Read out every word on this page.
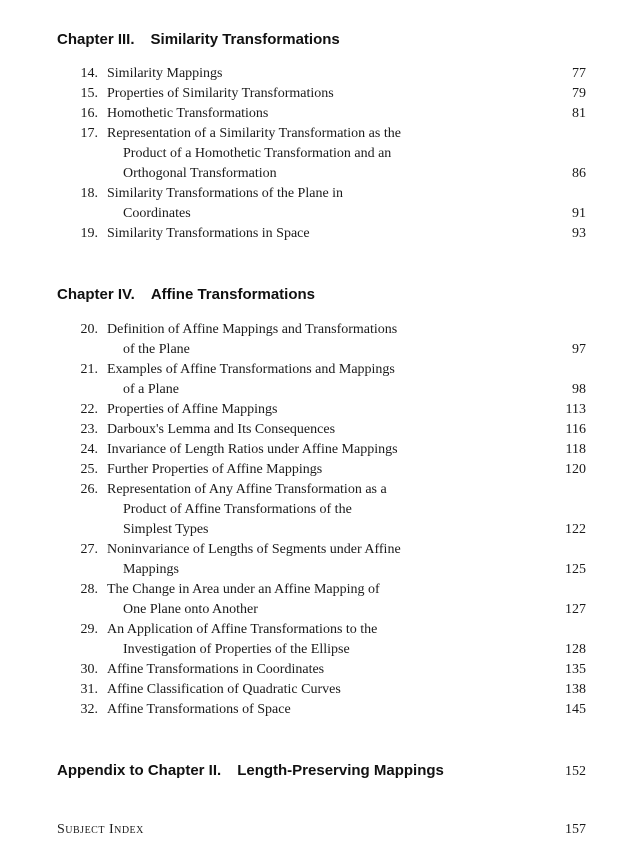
Chapter III. Similarity Transformations
14. Similarity Mappings	77
15. Properties of Similarity Transformations	79
16. Homothetic Transformations	81
17. Representation of a Similarity Transformation as the
Product of a Homothetic Transformation and an
Orthogonal Transformation	86
18. Similarity Transformations of the Plane in
Coordinates	91
19. Similarity Transformations in Space	93
Chapter IV. Affine Transformations
20. Definition of Affine Mappings and Transformations
of the Plane	97
21. Examples of Affine Transformations and Mappings
of a Plane	98
22. Properties of Affine Mappings	113
23. Darboux's Lemma and Its Consequences	116
24. Invariance of Length Ratios under Affine Mappings	118
25. Further Properties of Affine Mappings	120
26. Representation of Any Affine Transformation as a
Product of Affine Transformations of the
Simplest Types	122
27. Noninvariance of Lengths of Segments under Affine
Mappings	125
28. The Change in Area under an Affine Mapping of
One Plane onto Another	127
29. An Application of Affine Transformations to the
Investigation of Properties of the Ellipse	128
30. Affine Transformations in Coordinates	135
31. Affine Classification of Quadratic Curves	138
32. Affine Transformations of Space	145
Appendix to Chapter II. Length-Preserving Mappings	152
Subject Index	157
